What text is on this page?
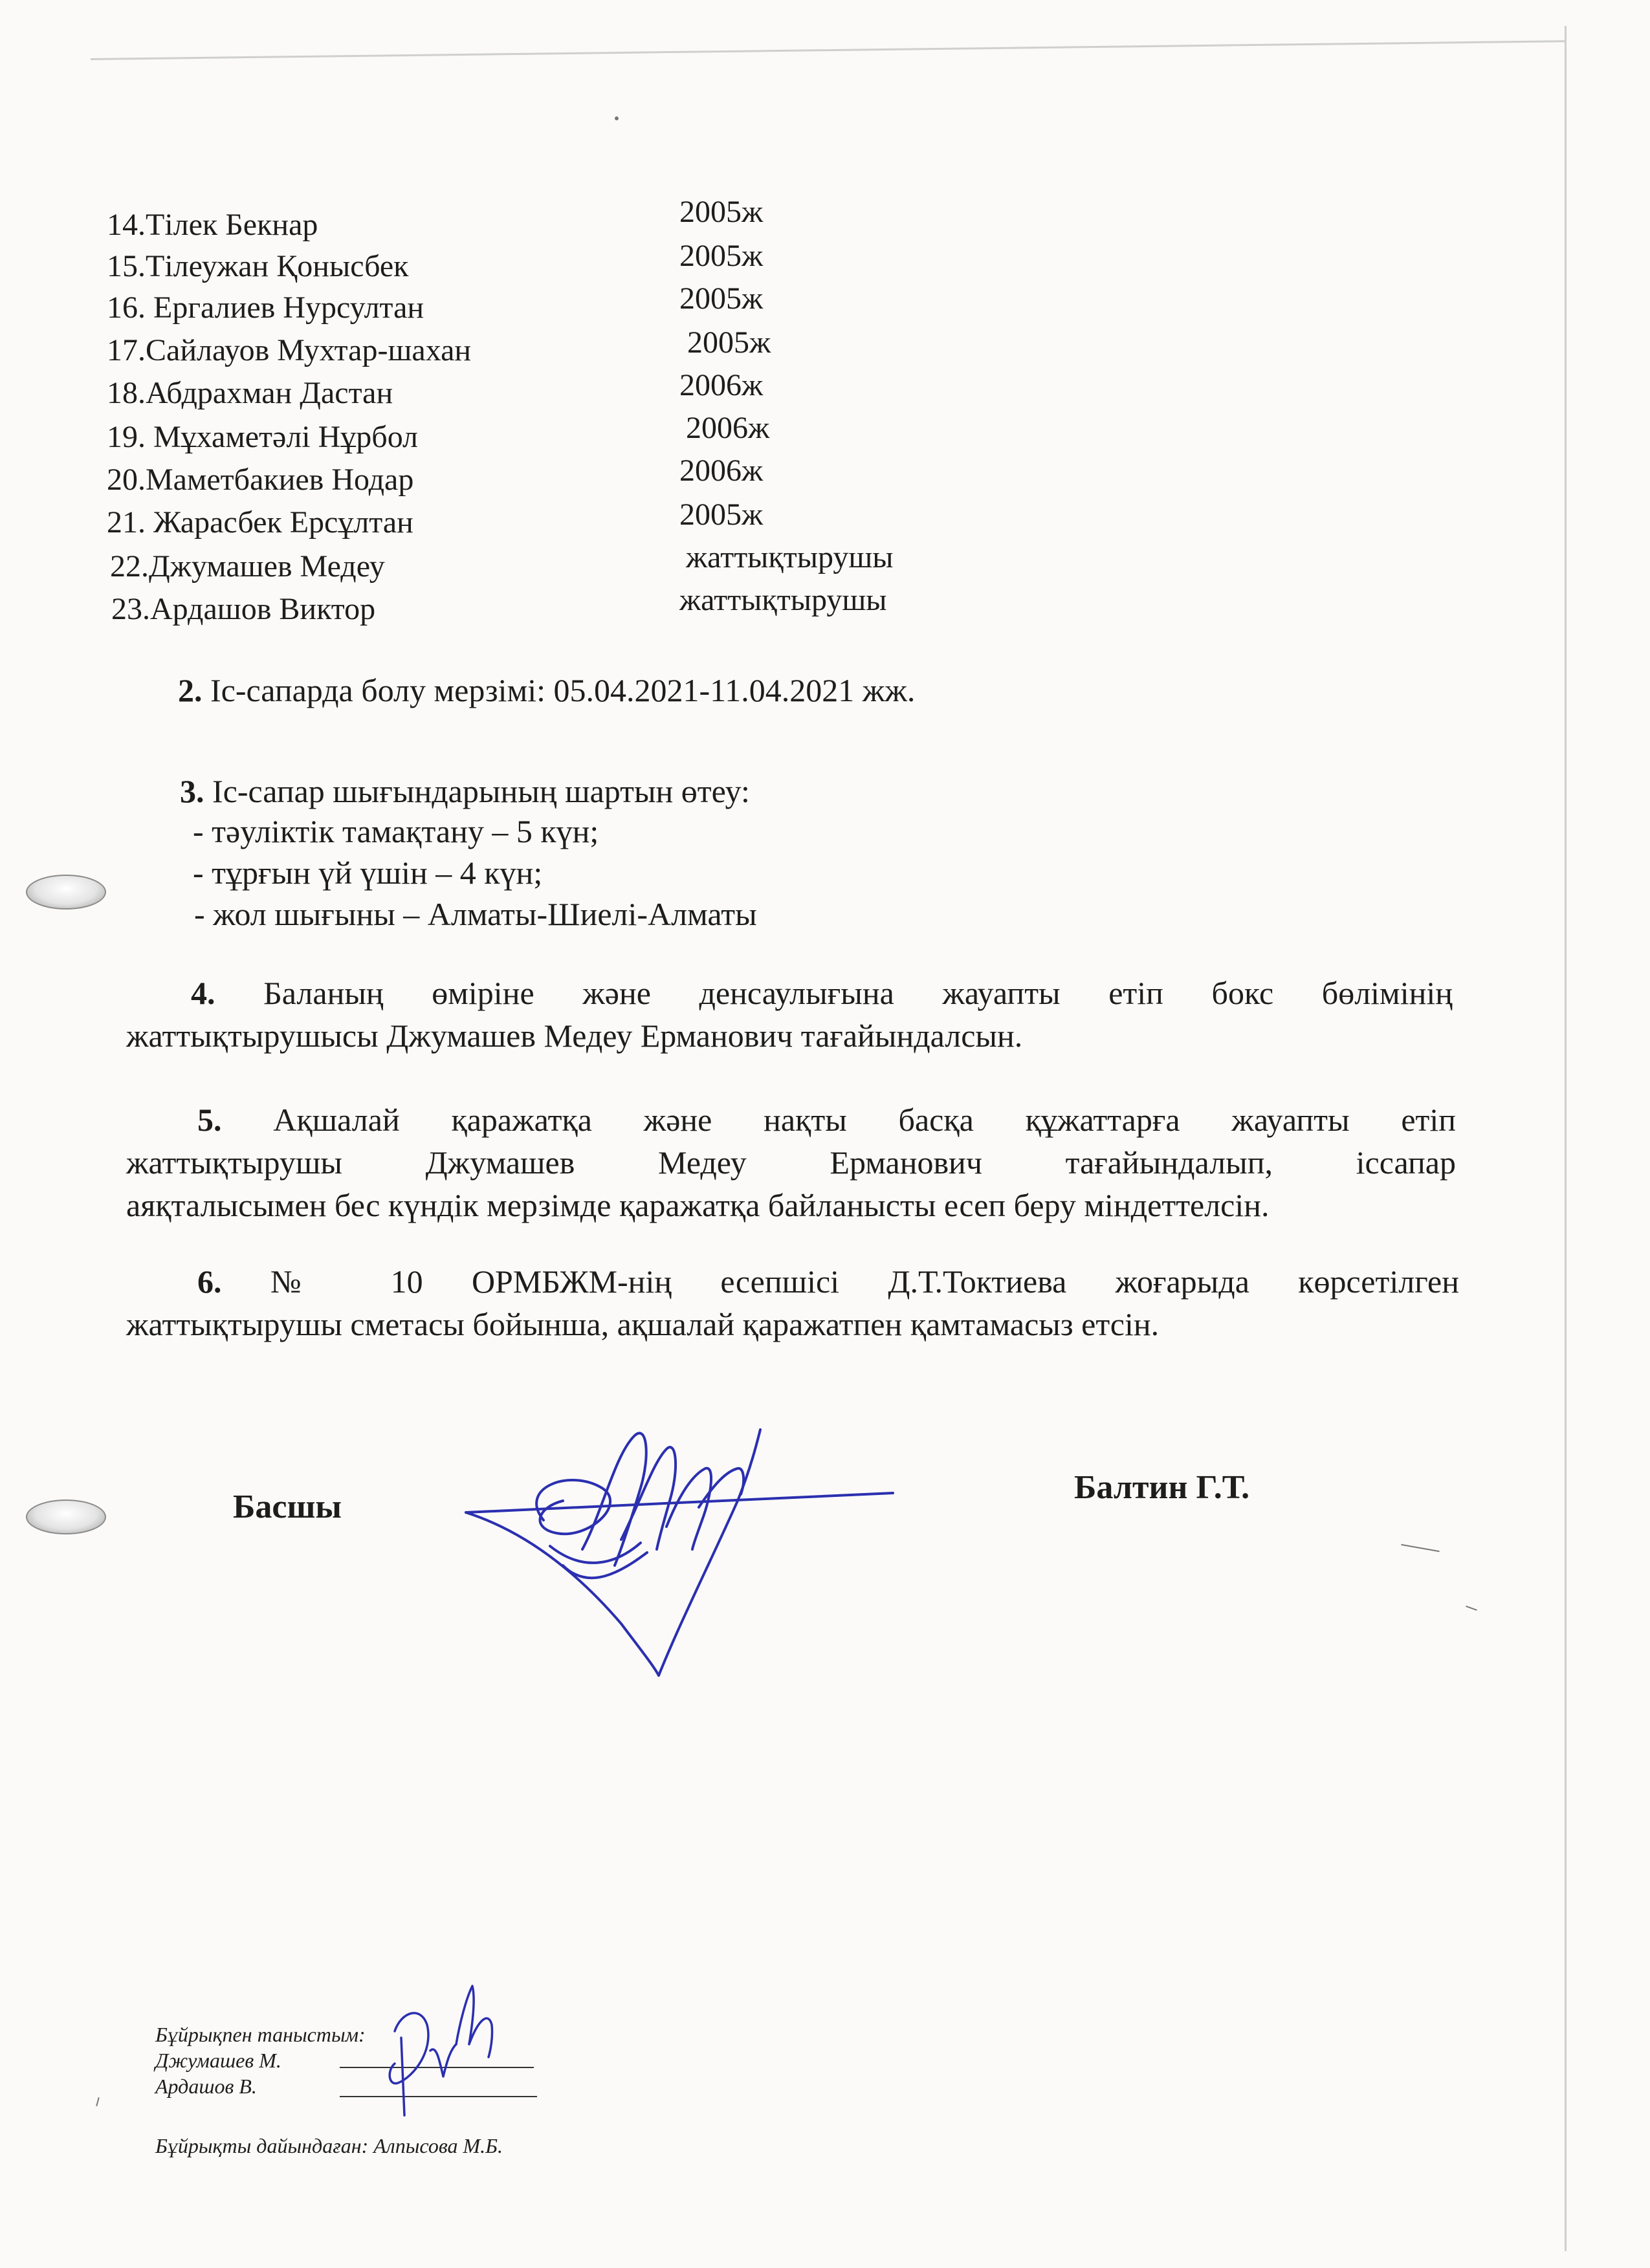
14.Тілек Бекнар	2005ж
15.Тілеужан Қонысбек	2005ж
16. Ергалиев Нурсултан	2005ж
17.Сайлауов Мухтар-шахан	2005ж
18.Абдрахман Дастан	2006ж
19. Мұхаметәлі Нұрбол	2006ж
20.Маметбакиев Нодар	2006ж
21. Жарасбек Ерсұлтан	2005ж
22.Джумашев Медеу	жаттықтырушы
23.Ардашов Виктор	жаттықтырушы
2. Іс-сапарда болу мерзімі: 05.04.2021-11.04.2021 жж.
3. Іс-сапар шығындарының шартын өтеу:
- тәуліктік тамақтану – 5 күн;
- тұрғын үй үшін – 4 күн;
- жол шығыны – Алматы-Шиелі-Алматы
4. Баланың өміріне және денсаулығына жауапты етіп бокс бөлімінің
жаттықтырушысы Джумашев Медеу Ерманович тағайындалсын.
5. Ақшалай қаражатқа және нақты басқа құжаттарға жауапты етіп
жаттықтырушы Джумашев Медеу Ерманович тағайындалып, іссапар
аяқталысымен бес күндік мерзімде қаражатқа байланысты есеп беру міндеттелсін.
6. № 10 ОРМБЖМ-нің есепшісі Д.Т.Токтиева жоғарыда көрсетілген
жаттықтырушы сметасы бойынша, ақшалай қаражатпен қамтамасыз етсін.
Басшы
Балтин Г.Т.
Бұйрықпен таныстым:
Джумашев М.
Ардашов В.
Бұйрықты дайындаған: Алпысова М.Б.
